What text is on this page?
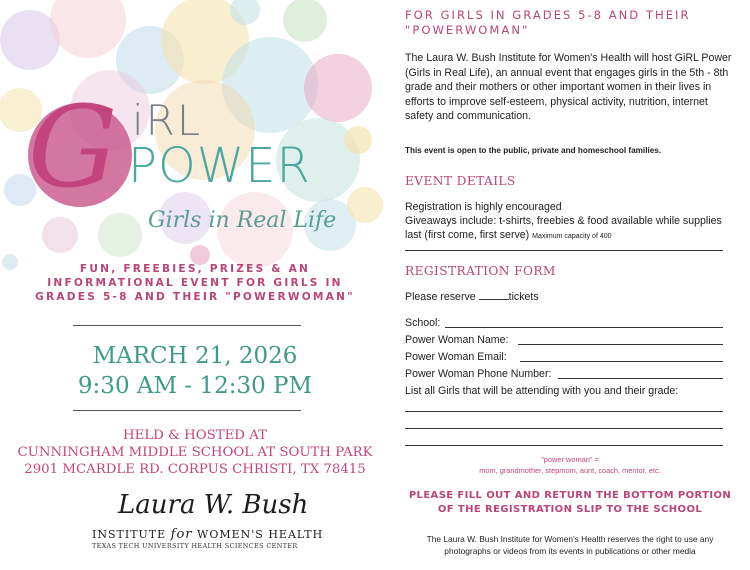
G iRL
POWER
Girls in Real Life
FUN, FREEBIES, PRIZES & AN INFORMATIONAL EVENT FOR GIRLS IN GRADES 5-8 AND THEIR "POWERWOMAN"
MARCH 21, 2026
9:30 AM - 12:30 PM
HELD & HOSTED AT
CUNNINGHAM MIDDLE SCHOOL AT SOUTH PARK
2901 MCARDLE RD. CORPUS CHRISTI, TX 78415
Laura W. Bush
INSTITUTE for WOMEN'S HEALTH
TEXAS TECH UNIVERSITY HEALTH SCIENCES CENTER
FOR GIRLS IN GRADES 5-8 AND THEIR "POWERWOMAN"
The Laura W. Bush Institute for Women's Health will host GiRL Power (Girls in Real Life), an annual event that engages girls in the 5th - 8th grade and their mothers or other important women in their lives in efforts to improve self-esteem, physical activity, nutrition, internet safety and communication.
This event is open to the public, private and homeschool families.
EVENT DETAILS
Registration is highly encouraged
Giveaways include: t-shirts, freebies & food available while supplies last (first come, first serve) Maximum capacity of 400
REGISTRATION FORM
Please reserve	tickets
School:
Power Woman Name:
Power Woman Email:
Power Woman Phone Number:
List all Girls that will be attending with you and their grade:
"power woman" =
mom, grandmother, stepmom, aunt, coach, mentor, etc.
PLEASE FILL OUT AND RETURN THE BOTTOM PORTION OF THE REGISTRATION SLIP TO THE SCHOOL
The Laura W. Bush Institute for Women's Health reserves the right to use any photographs or videos from its events in publications or other media
